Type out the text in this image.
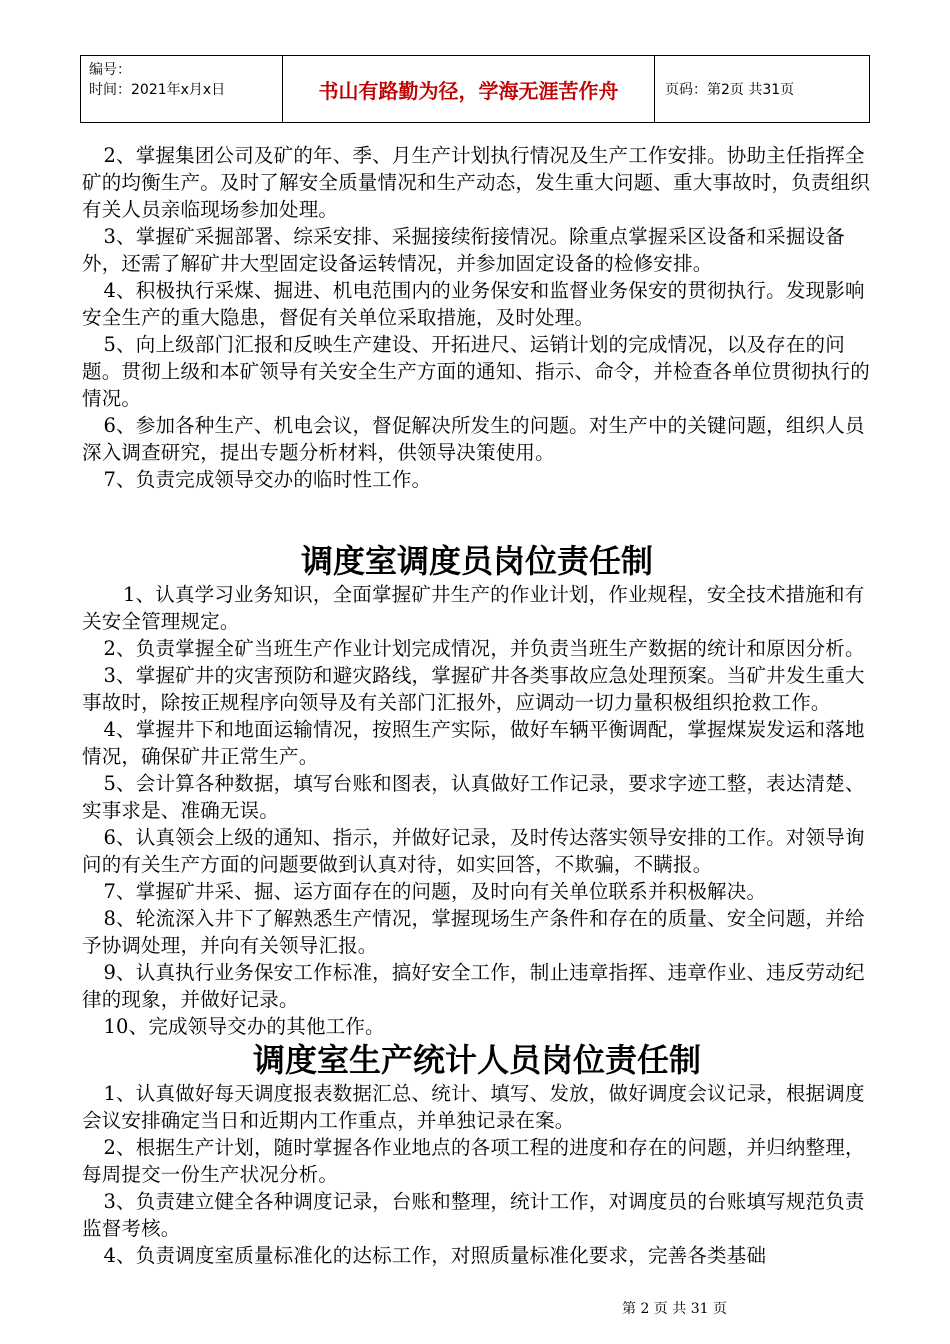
编号：
时间：2021年x月x日	书山有路勤为径，学海无涯苦作舟	页码：第2页 共31页

2、掌握集团公司及矿的年、季、月生产计划执行情况及生产工作安排。协助主任指挥全矿的均衡生产。及时了解安全质量情况和生产动态，发生重大问题、重大事故时，负责组织有关人员亲临现场参加处理。

3、掌握矿采掘部署、综采安排、采掘接续衔接情况。除重点掌握采区设备和采掘设备外，还需了解矿井大型固定设备运转情况，并参加固定设备的检修安排。

4、积极执行采煤、掘进、机电范围内的业务保安和监督业务保安的贯彻执行。发现影响安全生产的重大隐患，督促有关单位采取措施，及时处理。

5、向上级部门汇报和反映生产建设、开拓进尺、运销计划的完成情况，以及存在的问题。贯彻上级和本矿领导有关安全生产方面的通知、指示、命令，并检查各单位贯彻执行的情况。

6、参加各种生产、机电会议，督促解决所发生的问题。对生产中的关键问题，组织人员深入调查研究，提出专题分析材料，供领导决策使用。

7、负责完成领导交办的临时性工作。

调度室调度员岗位责任制

1、认真学习业务知识，全面掌握矿井生产的作业计划，作业规程，安全技术措施和有关安全管理规定。

2、负责掌握全矿当班生产作业计划完成情况，并负责当班生产数据的统计和原因分析。

3、掌握矿井的灾害预防和避灾路线，掌握矿井各类事故应急处理预案。当矿井发生重大事故时，除按正规程序向领导及有关部门汇报外，应调动一切力量积极组织抢救工作。

4、掌握井下和地面运输情况，按照生产实际，做好车辆平衡调配，掌握煤炭发运和落地情况，确保矿井正常生产。

5、会计算各种数据，填写台账和图表，认真做好工作记录，要求字迹工整，表达清楚、实事求是、准确无误。

6、认真领会上级的通知、指示，并做好记录，及时传达落实领导安排的工作。对领导询问的有关生产方面的问题要做到认真对待，如实回答，不欺骗，不瞒报。

7、掌握矿井采、掘、运方面存在的问题，及时向有关单位联系并积极解决。

8、轮流深入井下了解熟悉生产情况，掌握现场生产条件和存在的质量、安全问题，并给予协调处理，并向有关领导汇报。

9、认真执行业务保安工作标准，搞好安全工作，制止违章指挥、违章作业、违反劳动纪律的现象，并做好记录。

10、完成领导交办的其他工作。

调度室生产统计人员岗位责任制

1、认真做好每天调度报表数据汇总、统计、填写、发放，做好调度会议记录，根据调度会议安排确定当日和近期内工作重点，并单独记录在案。

2、根据生产计划，随时掌握各作业地点的各项工程的进度和存在的问题，并归纳整理，每周提交一份生产状况分析。

3、负责建立健全各种调度记录，台账和整理，统计工作，对调度员的台账填写规范负责监督考核。

4、负责调度室质量标准化的达标工作，对照质量标准化要求，完善各类基础

第 2 页 共 31 页
